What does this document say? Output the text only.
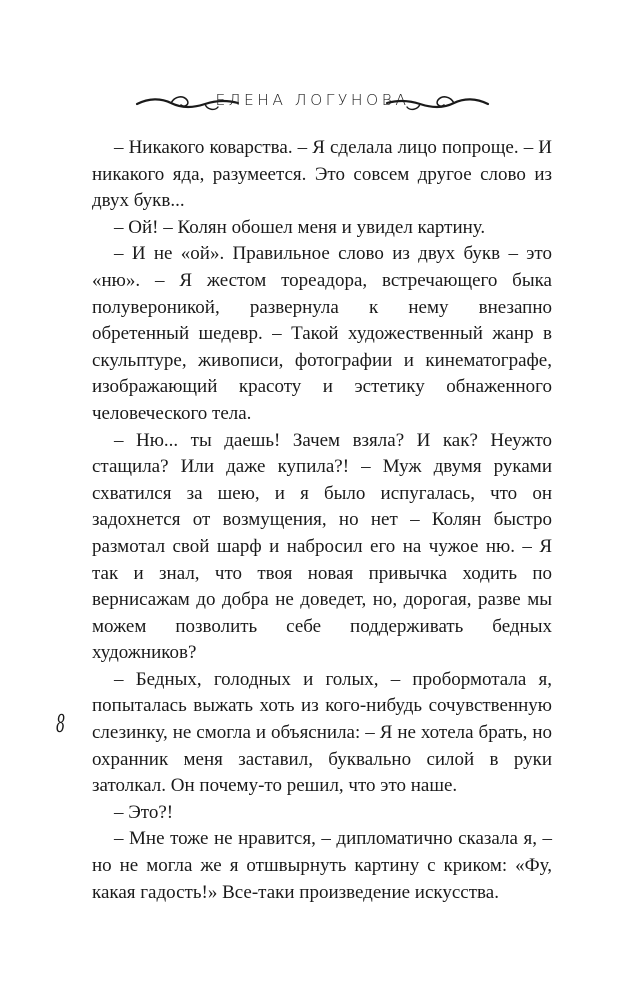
ЕЛЕНА ЛОГУНОВА

– Никакого коварства. – Я сделала лицо попроще. – И никакого яда, разумеется. Это совсем другое слово из двух букв...

– Ой! – Колян обошел меня и увидел картину.

– И не «ой». Правильное слово из двух букв – это «ню». – Я жестом тореадора, встречающего быка полувероникой, развернула к нему внезапно обретенный шедевр. – Такой художественный жанр в скульптуре, живописи, фотографии и кинематографе, изображающий красоту и эстетику обнаженного человеческого тела.

– Ню... ты даешь! Зачем взяла? И как? Неужто стащила? Или даже купила?! – Муж двумя руками схватился за шею, и я было испугалась, что он задохнется от возмущения, но нет – Колян быстро размотал свой шарф и набросил его на чужое ню. – Я так и знал, что твоя новая привычка ходить по вернисажам до добра не доведет, но, дорогая, разве мы можем позволить себе поддерживать бедных художников?

– Бедных, голодных и голых, – пробормотала я, попыталась выжать хоть из кого-нибудь сочувственную слезинку, не смогла и объяснила: – Я не хотела брать, но охранник меня заставил, буквально силой в руки затолкал. Он почему-то решил, что это наше.

– Это?!

– Мне тоже не нравится, – дипломатично сказала я, – но не могла же я отшвырнуть картину с криком: «Фу, какая гадость!» Все-таки произведение искусства.

8
